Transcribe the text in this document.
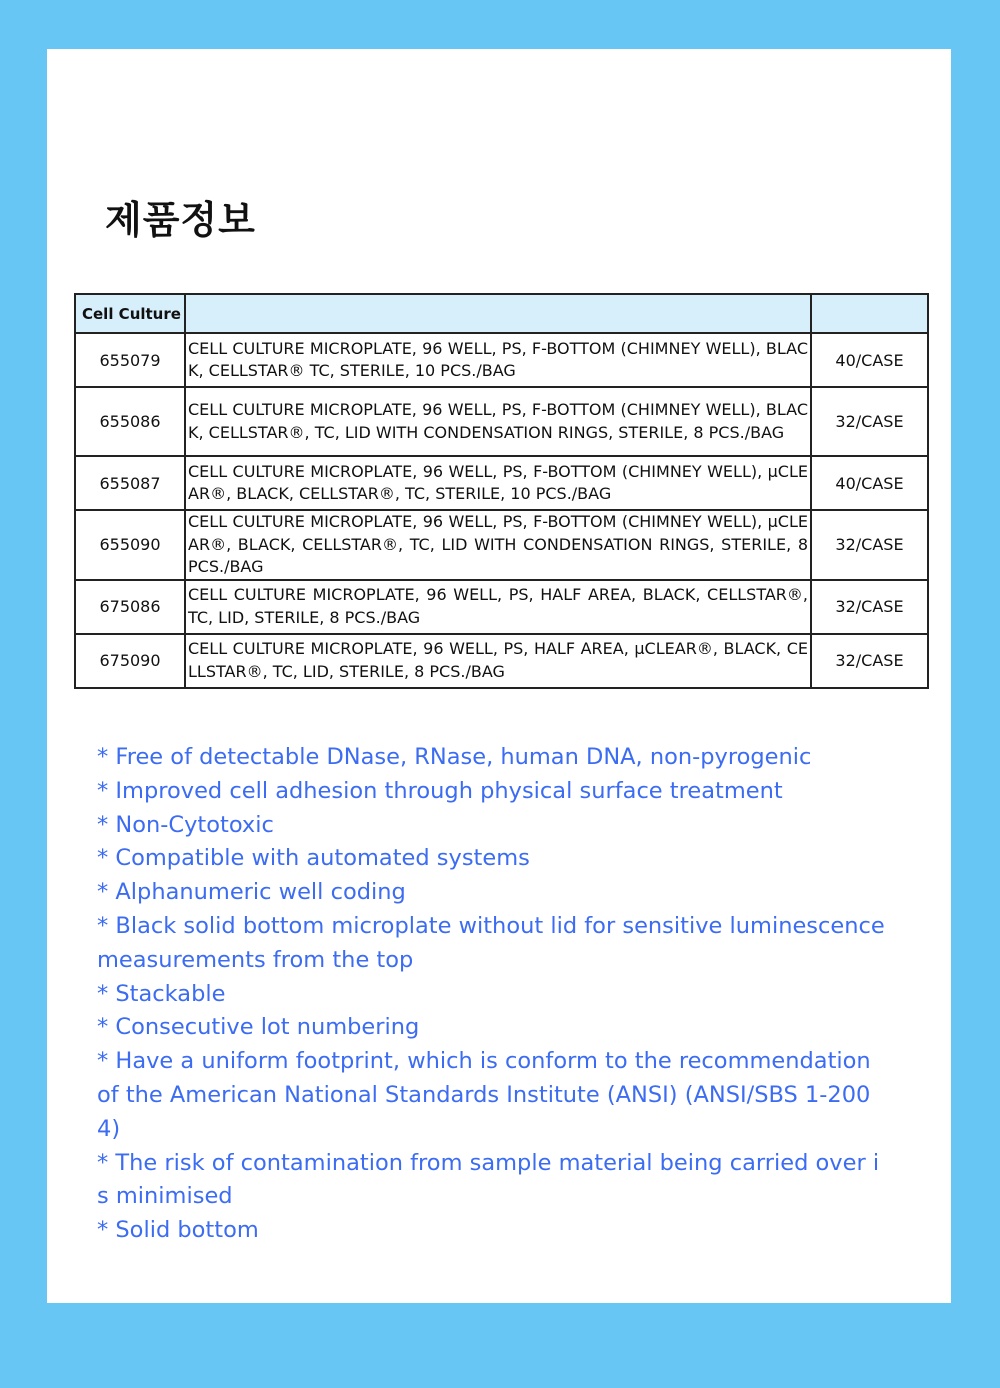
제품정보
Cell Culture		
655079	CELL CULTURE MICROPLATE, 96 WELL, PS, F-BOTTOM (CHIMNEY WELL), BLACK, CELLSTAR® TC, STERILE, 10 PCS./BAG	40/CASE
655086	CELL CULTURE MICROPLATE, 96 WELL, PS, F-BOTTOM (CHIMNEY WELL), BLACK, CELLSTAR®, TC, LID WITH CONDENSATION RINGS, STERILE, 8 PCS./BAG	32/CASE
655087	CELL CULTURE MICROPLATE, 96 WELL, PS, F-BOTTOM (CHIMNEY WELL), µCLEAR®, BLACK, CELLSTAR®, TC, STERILE, 10 PCS./BAG	40/CASE
655090	CELL CULTURE MICROPLATE, 96 WELL, PS, F-BOTTOM (CHIMNEY WELL), µCLEAR®, BLACK, CELLSTAR®, TC, LID WITH CONDENSATION RINGS, STERILE, 8 PCS./BAG	32/CASE
675086	CELL CULTURE MICROPLATE, 96 WELL, PS, HALF AREA, BLACK, CELLSTAR®, TC, LID, STERILE, 8 PCS./BAG	32/CASE
675090	CELL CULTURE MICROPLATE, 96 WELL, PS, HALF AREA, µCLEAR®, BLACK, CELLSTAR®, TC, LID, STERILE, 8 PCS./BAG	32/CASE
* Free of detectable DNase, RNase, human DNA, non-pyrogenic
* Improved cell adhesion through physical surface treatment
* Non-Cytotoxic
* Compatible with automated systems
* Alphanumeric well coding
* Black solid bottom microplate without lid for sensitive luminescence measurements from the top
* Stackable
* Consecutive lot numbering
* Have a uniform footprint, which is conform to the recommendation of the American National Standards Institute (ANSI) (ANSI/SBS 1-2004)
* The risk of contamination from sample material being carried over is minimised
* Solid bottom
